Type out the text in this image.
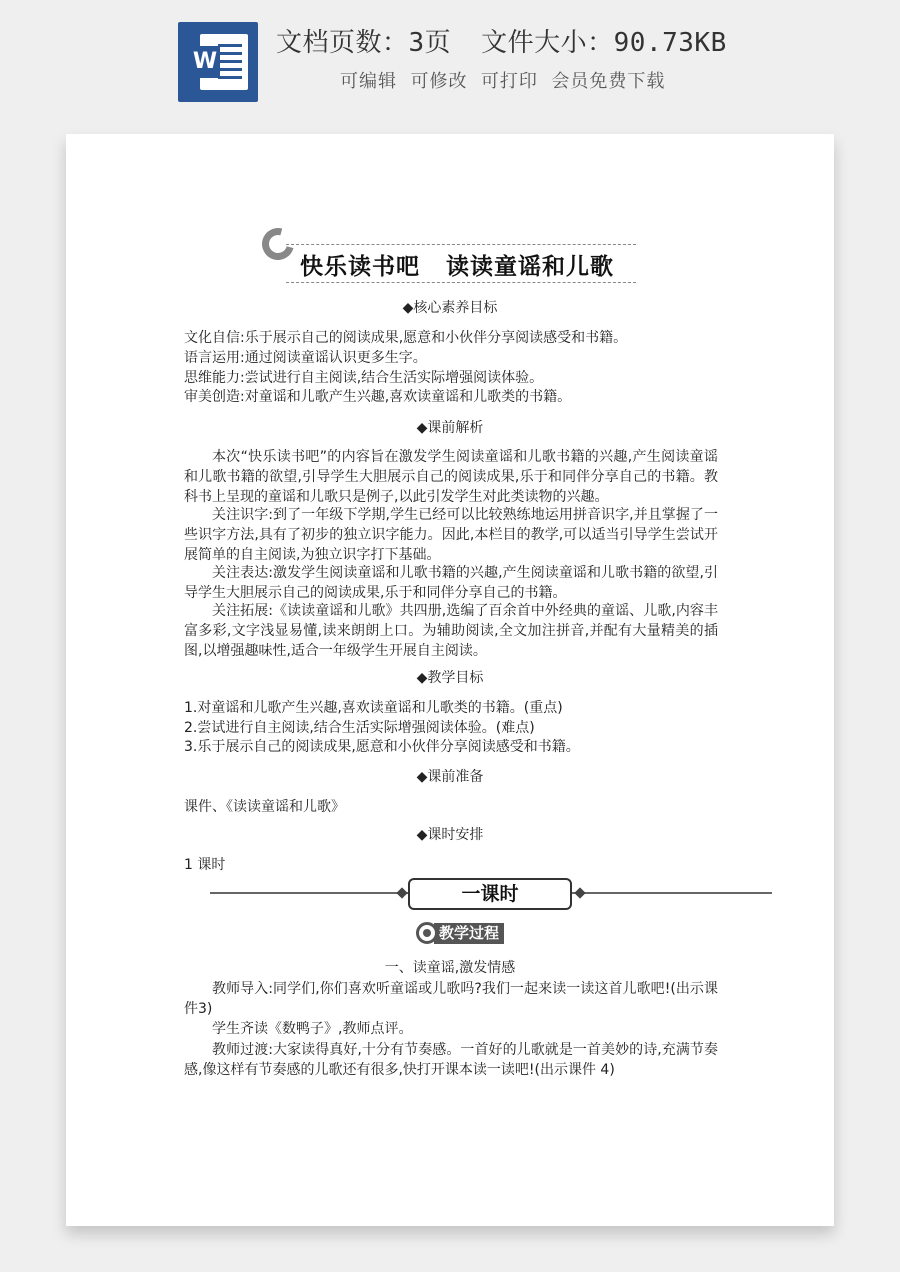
W
文档页数：3页 文件大小：90.73KB
可编辑  可修改  可打印  会员免费下载
快乐读书吧 读读童谣和儿歌
◆核心素养目标
文化自信:乐于展示自己的阅读成果,愿意和小伙伴分享阅读感受和书籍。
语言运用:通过阅读童谣认识更多生字。
思维能力:尝试进行自主阅读,结合生活实际增强阅读体验。
审美创造:对童谣和儿歌产生兴趣,喜欢读童谣和儿歌类的书籍。
◆课前解析
本次“快乐读书吧”的内容旨在激发学生阅读童谣和儿歌书籍的兴趣,产生阅读童谣和儿歌书籍的欲望,引导学生大胆展示自己的阅读成果,乐于和同伴分享自己的书籍。教科书上呈现的童谣和儿歌只是例子,以此引发学生对此类读物的兴趣。
关注识字:到了一年级下学期,学生已经可以比较熟练地运用拼音识字,并且掌握了一些识字方法,具有了初步的独立识字能力。因此,本栏目的教学,可以适当引导学生尝试开展简单的自主阅读,为独立识字打下基础。
关注表达:激发学生阅读童谣和儿歌书籍的兴趣,产生阅读童谣和儿歌书籍的欲望,引导学生大胆展示自己的阅读成果,乐于和同伴分享自己的书籍。
关注拓展:《读读童谣和儿歌》共四册,选编了百余首中外经典的童谣、儿歌,内容丰富多彩,文字浅显易懂,读来朗朗上口。为辅助阅读,全文加注拼音,并配有大量精美的插图,以增强趣味性,适合一年级学生开展自主阅读。
◆教学目标
1.对童谣和儿歌产生兴趣,喜欢读童谣和儿歌类的书籍。(重点)
2.尝试进行自主阅读,结合生活实际增强阅读体验。(难点)
3.乐于展示自己的阅读成果,愿意和小伙伴分享阅读感受和书籍。
◆课前准备
课件、《读读童谣和儿歌》
◆课时安排
1 课时
一课时
教学过程
一、读童谣,激发情感
教师导入:同学们,你们喜欢听童谣或儿歌吗?我们一起来读一读这首儿歌吧!(出示课件3)
学生齐读《数鸭子》,教师点评。
教师过渡:大家读得真好,十分有节奏感。一首好的儿歌就是一首美妙的诗,充满节奏感,像这样有节奏感的儿歌还有很多,快打开课本读一读吧!(出示课件 4)
